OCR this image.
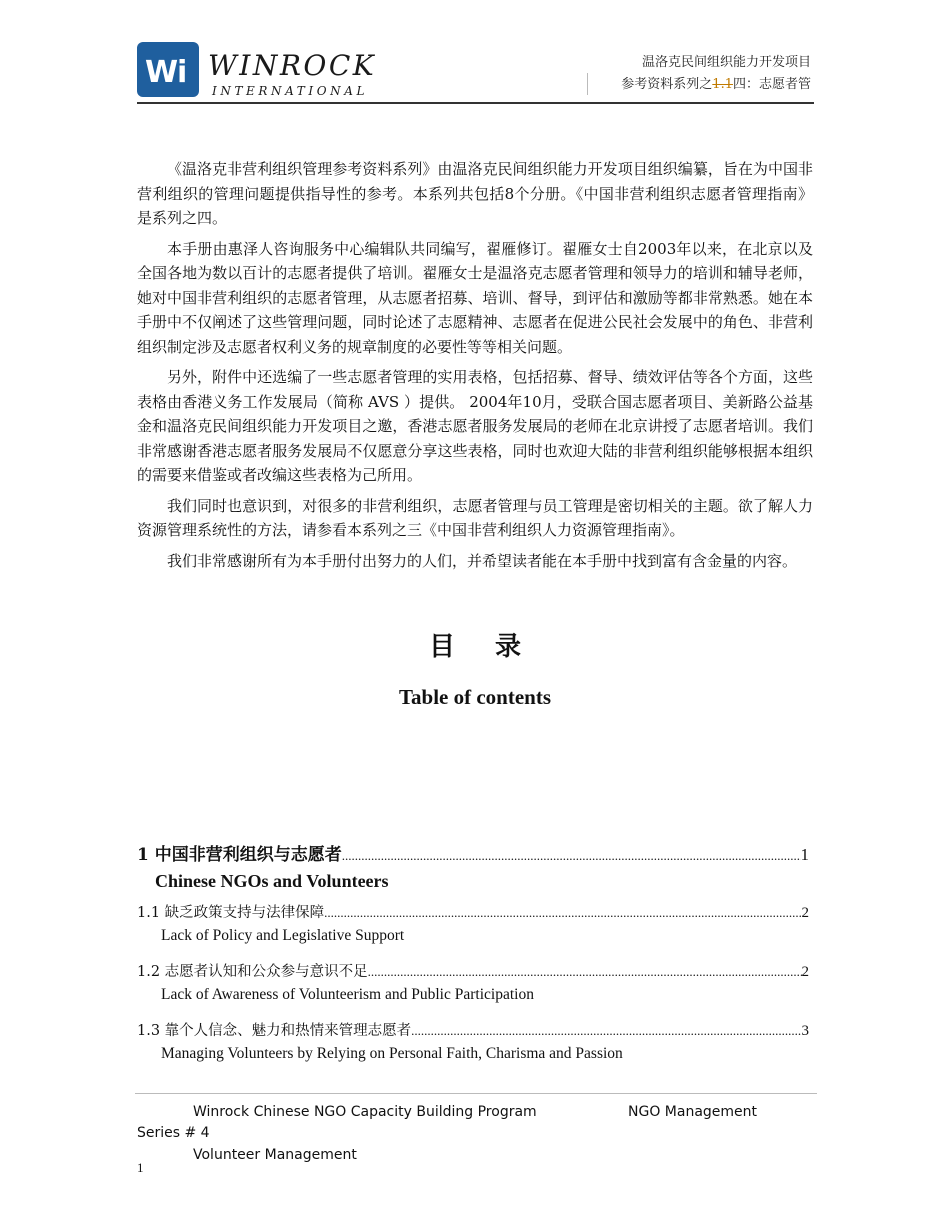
W
i WINROCK
INTERNATIONAL
温洛克民间组织能力开发项目
参考资料系列之1.1四：志愿者管

《温洛克非营利组织管理参考资料系列》由温洛克民间组织能力开发项目组织编纂，旨在为中国非营利组织的管理问题提供指导性的参考。本系列共包括8个分册。《中国非营利组织志愿者管理指南》是系列之四。

本手册由惠泽人咨询服务中心编辑队共同编写，翟雁修订。翟雁女士自2003年以来，在北京以及全国各地为数以百计的志愿者提供了培训。翟雁女士是温洛克志愿者管理和领导力的培训和辅导老师，她对中国非营利组织的志愿者管理，从志愿者招募、培训、督导，到评估和激励等都非常熟悉。她在本手册中不仅阐述了这些管理问题，同时论述了志愿精神、志愿者在促进公民社会发展中的角色、非营利组织制定涉及志愿者权利义务的规章制度的必要性等等相关问题。

另外，附件中还选编了一些志愿者管理的实用表格，包括招募、督导、绩效评估等各个方面，这些表格由香港义务工作发展局（简称 AVS ）提供。 2004年10月，受联合国志愿者项目、美新路公益基金和温洛克民间组织能力开发项目之邀，香港志愿者服务发展局的老师在北京讲授了志愿者培训。我们非常感谢香港志愿者服务发展局不仅愿意分享这些表格，同时也欢迎大陆的非营利组织能够根据本组织的需要来借鉴或者改编这些表格为己所用。

我们同时也意识到，对很多的非营利组织，志愿者管理与员工管理是密切相关的主题。欲了解人力资源管理系统性的方法，请参看本系列之三《中国非营利组织人力资源管理指南》。

我们非常感谢所有为本手册付出努力的人们，并希望读者能在本手册中找到富有含金量的内容。

目 录
Table of contents
1 中国非营利组织与志愿者 .....	1
Chinese NGOs and Volunteers
1.1 缺乏政策支持与法律保障 .....	2
Lack of Policy and Legislative Support
1.2 志愿者认知和公众参与意识不足 .....	2
Lack of Awareness of Volunteerism and Public Participation
1.3 靠个人信念、魅力和热情来管理志愿者 .....	3
Managing Volunteers by Relying on Personal Faith, Charisma and Passion
Winrock Chinese NGO Capacity Building Program	NGO Management
Series # 4
Volunteer Management
1
